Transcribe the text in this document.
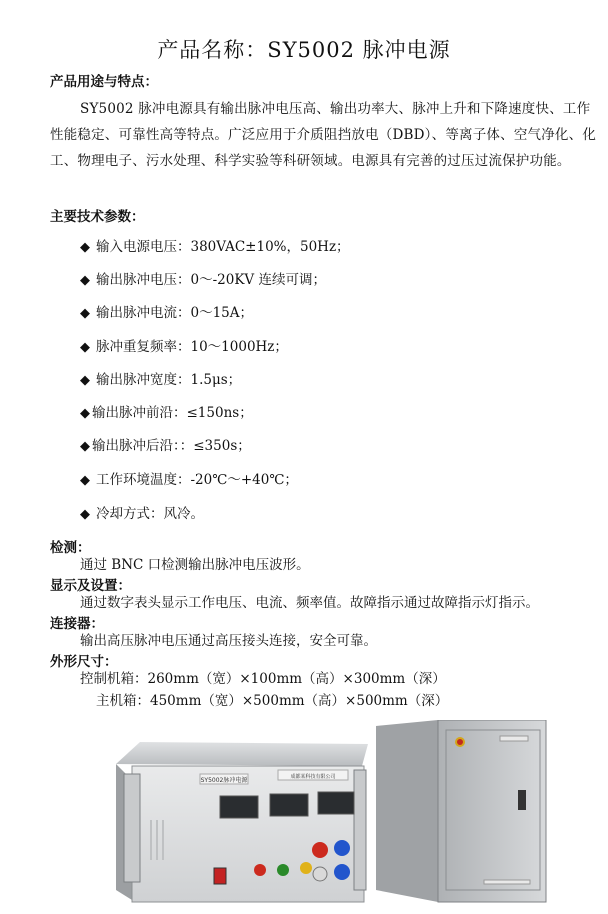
产品名称：SY5002 脉冲电源
产品用途与特点：
SY5002 脉冲电源具有输出脉冲电压高、输出功率大、脉冲上升和下降速度快、工作性能稳定、可靠性高等特点。广泛应用于介质阻挡放电（DBD）、等离子体、空气净化、化工、物理电子、污水处理、科学实验等科研领域。电源具有完善的过压过流保护功能。
主要技术参数：
◆ 输入电源电压：380VAC±10%，50Hz；
◆ 输出脉冲电压：0～-20KV 连续可调；
◆ 输出脉冲电流：0～15A；
◆ 脉冲重复频率：10～1000Hz；
◆ 输出脉冲宽度：1.5μs；
◆ 输出脉冲前沿：≤150ns；
◆ 输出脉冲后沿：：≤350s；
◆ 工作环境温度：-20℃～+40℃；
◆ 冷却方式：风冷。
检测：
通过 BNC 口检测输出脉冲电压波形。
显示及设置：
通过数字表头显示工作电压、电流、频率值。故障指示通过故障指示灯指示。
连接器：
输出高压脉冲电压通过高压接头连接，安全可靠。
外形尺寸：
控制机箱：260mm（宽）×100mm（高）×300mm（深）
主机箱：450mm（宽）×500mm（高）×500mm（深）
SY5002脉冲电源	成都某科技有限公司
